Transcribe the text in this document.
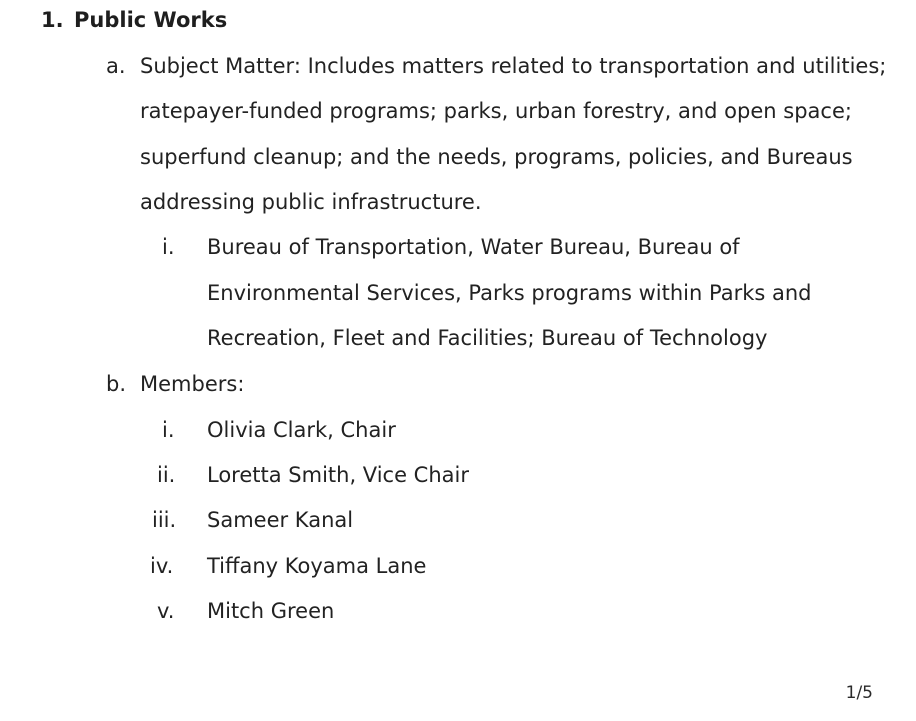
1. Public Works
a. Subject Matter: Includes matters related to transportation and utilities;
ratepayer-funded programs; parks, urban forestry, and open space;
superfund cleanup; and the needs, programs, policies, and Bureaus
addressing public infrastructure.
i. Bureau of Transportation, Water Bureau, Bureau of
Environmental Services, Parks programs within Parks and
Recreation, Fleet and Facilities; Bureau of Technology
b. Members:
i. Olivia Clark, Chair
ii. Loretta Smith, Vice Chair
iii. Sameer Kanal
iv. Tiffany Koyama Lane
v. Mitch Green
1/5
